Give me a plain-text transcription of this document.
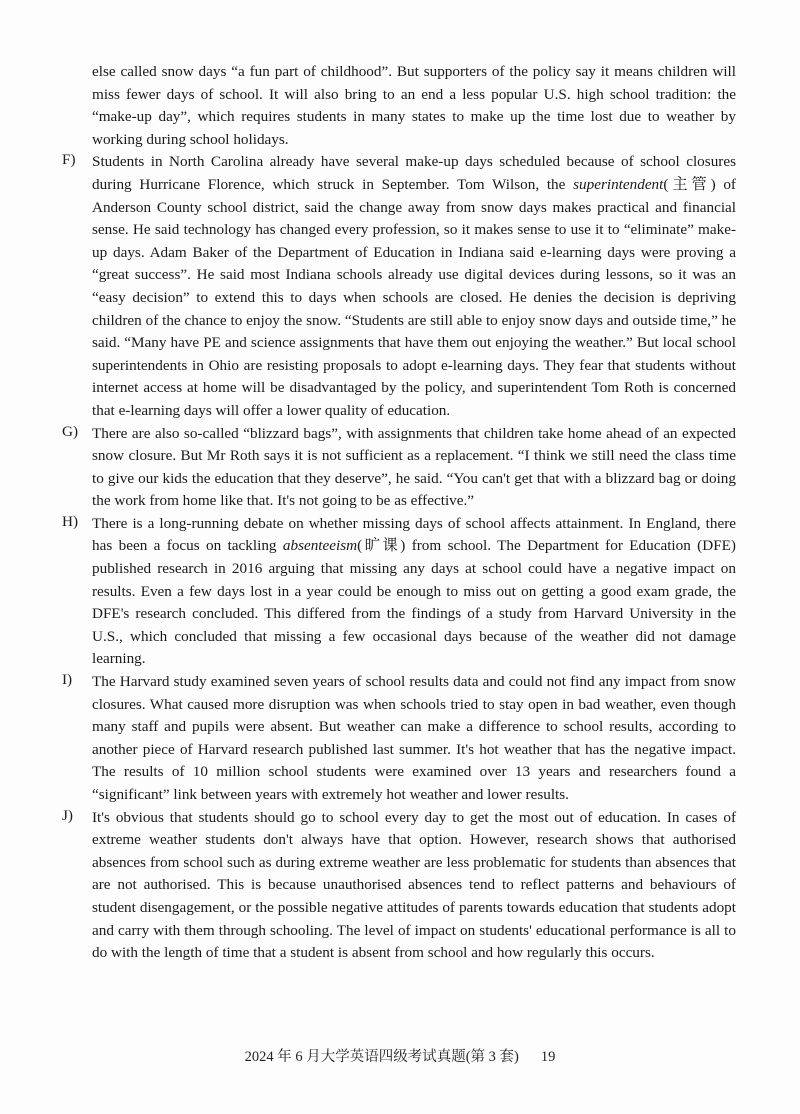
else called snow days “a fun part of childhood”. But supporters of the policy say it means children will miss fewer days of school. It will also bring to an end a less popular U.S. high school tradition: the “make-up day”, which requires students in many states to make up the time lost due to weather by working during school holidays.

F) Students in North Carolina already have several make-up days scheduled because of school closures during Hurricane Florence, which struck in September. Tom Wilson, the superintendent(主管) of Anderson County school district, said the change away from snow days makes practical and financial sense. He said technology has changed every profession, so it makes sense to use it to “eliminate” make-up days. Adam Baker of the Department of Education in Indiana said e-learning days were proving a “great success”. He said most Indiana schools already use digital devices during lessons, so it was an “easy decision” to extend this to days when schools are closed. He denies the decision is depriving children of the chance to enjoy the snow. “Students are still able to enjoy snow days and outside time,” he said. “Many have PE and science assignments that have them out enjoying the weather.” But local school superintendents in Ohio are resisting proposals to adopt e-learning days. They fear that students without internet access at home will be disadvantaged by the policy, and superintendent Tom Roth is concerned that e-learning days will offer a lower quality of education.

G) There are also so-called “blizzard bags”, with assignments that children take home ahead of an expected snow closure. But Mr Roth says it is not sufficient as a replacement. “I think we still need the class time to give our kids the education that they deserve”, he said. “You can't get that with a blizzard bag or doing the work from home like that. It's not going to be as effective.”

H) There is a long-running debate on whether missing days of school affects attainment. In England, there has been a focus on tackling absenteeism(旷课) from school. The Department for Education (DFE) published research in 2016 arguing that missing any days at school could have a negative impact on results. Even a few days lost in a year could be enough to miss out on getting a good exam grade, the DFE's research concluded. This differed from the findings of a study from Harvard University in the U.S., which concluded that missing a few occasional days because of the weather did not damage learning.

I) The Harvard study examined seven years of school results data and could not find any impact from snow closures. What caused more disruption was when schools tried to stay open in bad weather, even though many staff and pupils were absent. But weather can make a difference to school results, according to another piece of Harvard research published last summer. It's hot weather that has the negative impact. The results of 10 million school students were examined over 13 years and researchers found a “significant” link between years with extremely hot weather and lower results.

J) It's obvious that students should go to school every day to get the most out of education. In cases of extreme weather students don't always have that option. However, research shows that authorised absences from school such as during extreme weather are less problematic for students than absences that are not authorised. This is because unauthorised absences tend to reflect patterns and behaviours of student disengagement, or the possible negative attitudes of parents towards education that students adopt and carry with them through schooling. The level of impact on students' educational performance is all to do with the length of time that a student is absent from school and how regularly this occurs.

2024 年 6 月大学英语四级考试真题(第 3 套) 19
